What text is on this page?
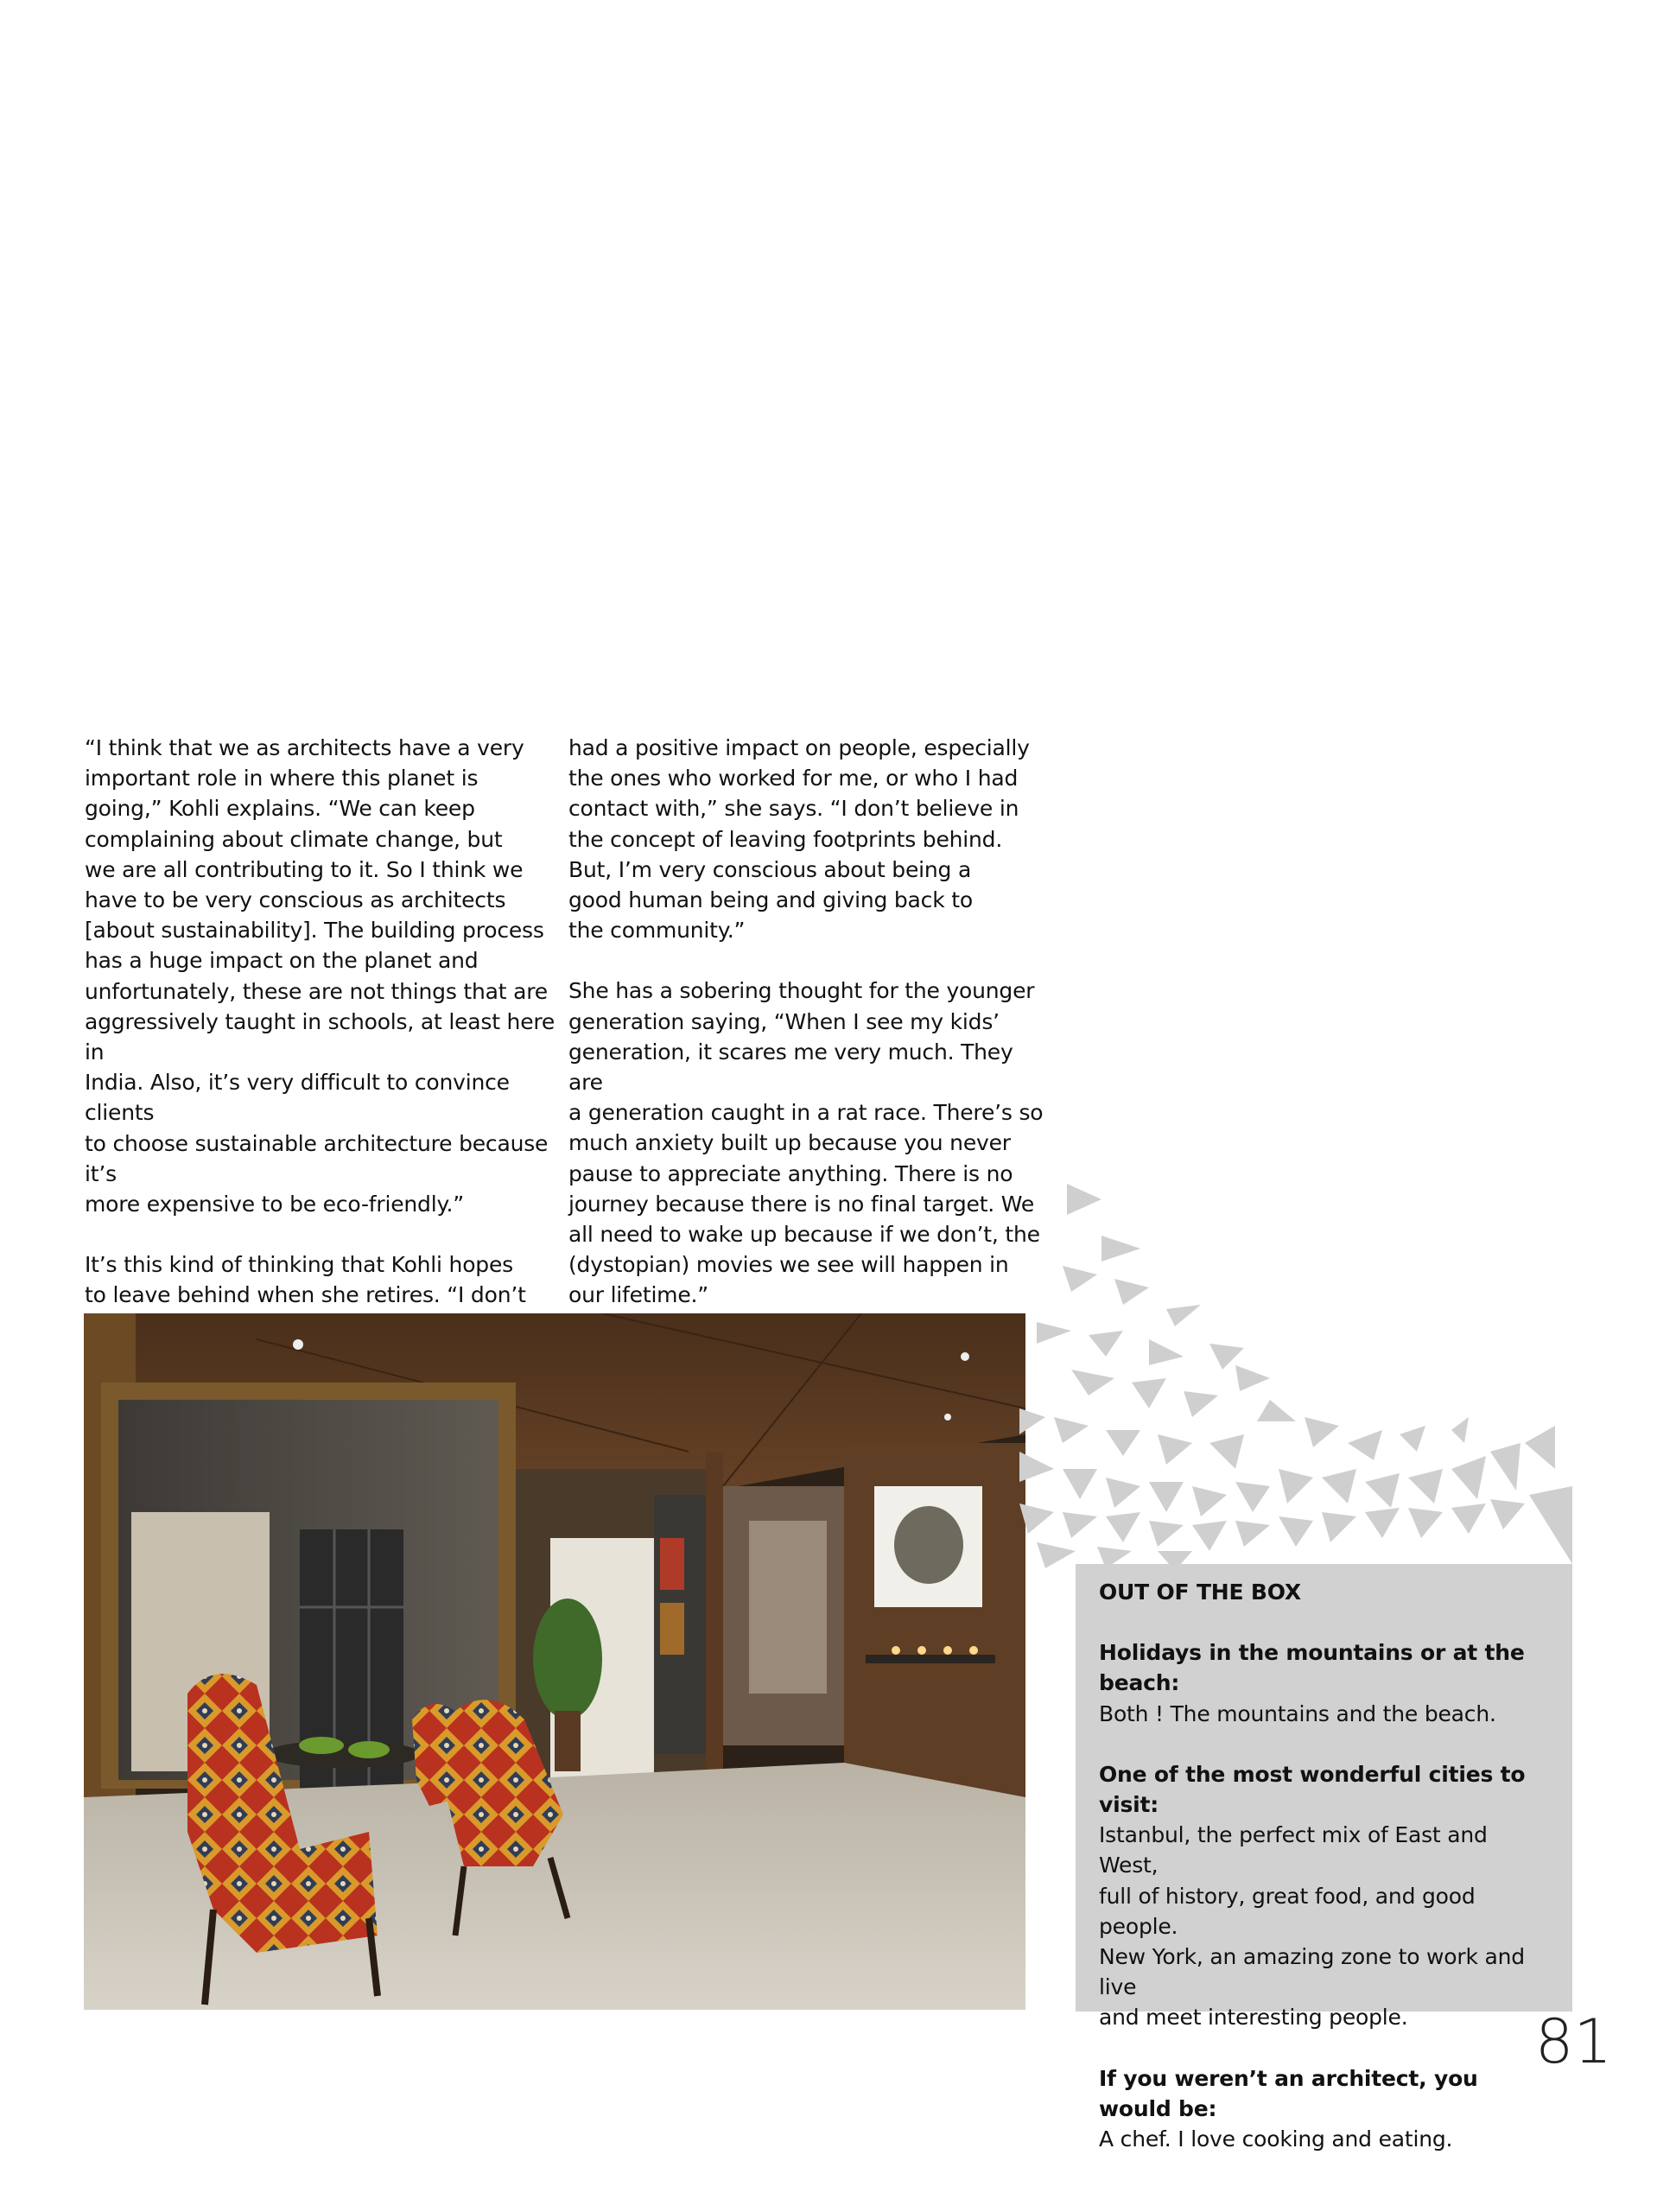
“I think that we as architects have a very
important role in where this planet is
going,” Kohli explains. “We can keep
complaining about climate change, but
we are all contributing to it. So I think we
have to be very conscious as architects
[about sustainability]. The building process
has a huge impact on the planet and
unfortunately, these are not things that are
aggressively taught in schools, at least here in
India. Also, it’s very difficult to convince clients
to choose sustainable architecture because it’s
more expensive to be eco-friendly.”

It’s this kind of thinking that Kohli hopes
to leave behind when she retires. “I don’t

had a positive impact on people, especially
the ones who worked for me, or who I had
contact with,” she says. “I don’t believe in
the concept of leaving footprints behind.
But, I’m very conscious about being a
good human being and giving back to
the community.”

She has a sobering thought for the younger
generation saying, “When I see my kids’
generation, it scares me very much. They are
a generation caught in a rat race. There’s so
much anxiety built up because you never
pause to appreciate anything. There is no
journey because there is no final target. We
all need to wake up because if we don’t, the
(dystopian) movies we see will happen in
our lifetime.”

OUT OF THE BOX
Holidays in the mountains or at the beach:
Both ! The mountains and the beach.
One of the most wonderful cities to visit:
Istanbul, the perfect mix of East and West,
full of history, great food, and good people.
New York, an amazing zone to work and live
and meet interesting people.
If you weren’t an architect, you would be:
A chef. I love cooking and eating.
81
